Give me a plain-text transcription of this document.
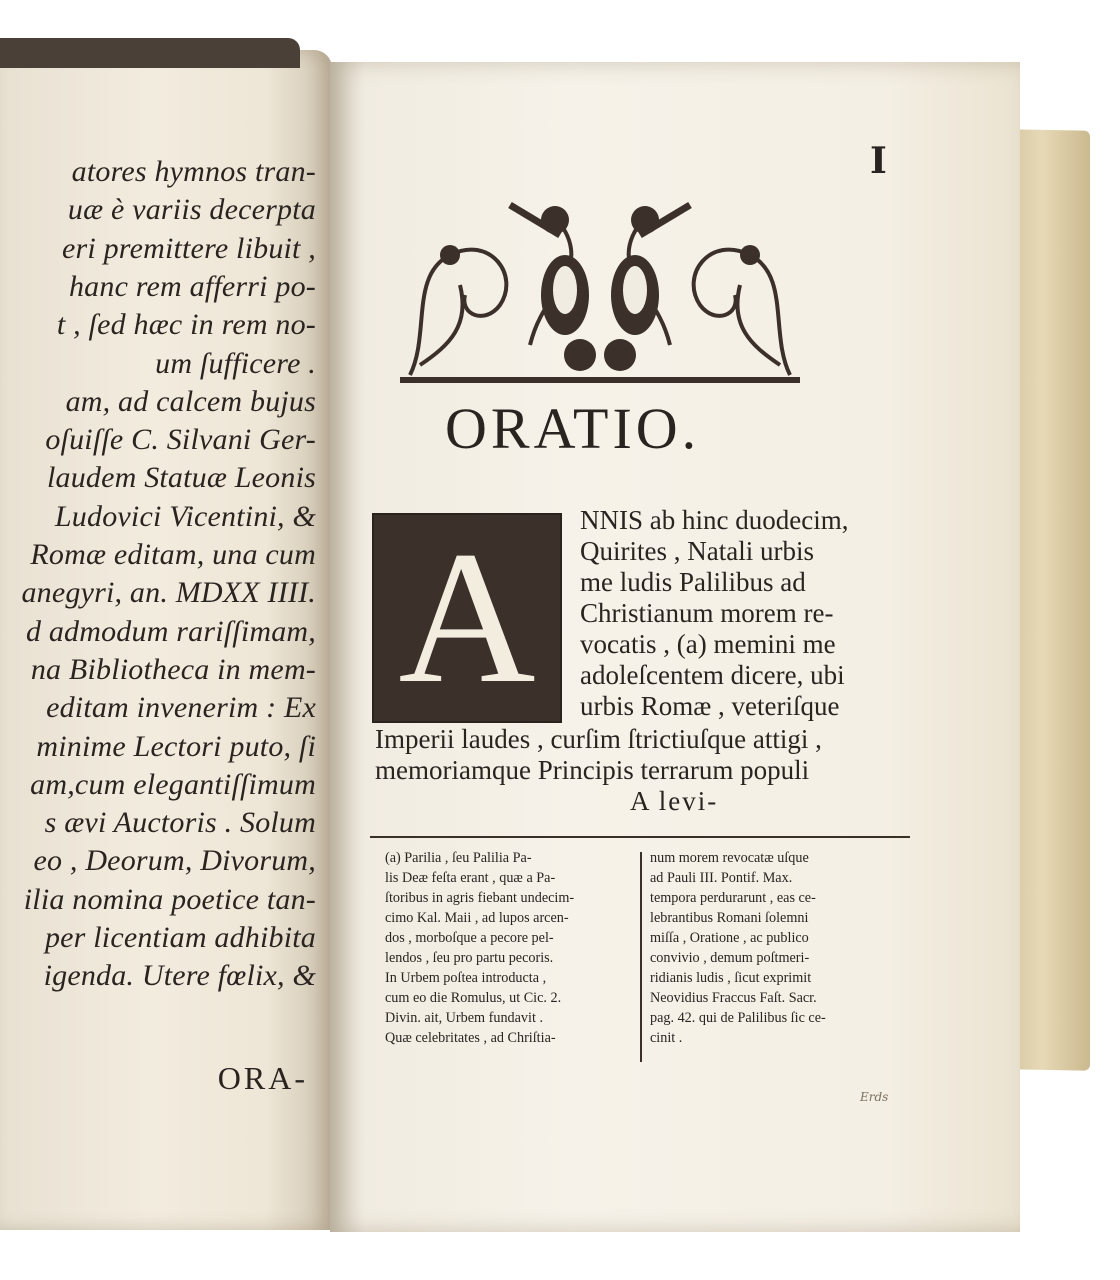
atores hymnos tran-
uæ è variis decerpta
eri premittere libuit ,
hanc rem afferri po-
t , ſed hæc in rem no-
um ſufficere .
am, ad calcem bujus
oſuiſſe C. Silvani Ger-
laudem Statuæ Leonis
Ludovici Vicentini, &
Romæ editam, una cum
anegyri, an. MDXX IIII.
d admodum rariſſimam,
na Bibliotheca in mem-
editam invenerim : Ex
minime Lectori puto, ſi
am,cum elegantiſſimum
s ævi Auctoris . Solum
eo , Deorum, Divorum,
ilia nomina poetice tan-
per licentiam adhibita
igenda. Utere fœlix, &
ORA-
I
ORATIO.
A	NNIS ab hinc duodecim,
Quirites , Natali urbis
me ludis Palilibus ad
Christianum morem re-
vocatis , (a) memini me
adoleſcentem dicere, ubi
urbis Romæ , veteriſque
Imperii laudes , curſim ſtrictiuſque attigi ,
memoriamque Principis terrarum populi
A levi-
(a) Parilia , ſeu Palilia Pa-
lis Deæ feſta erant , quæ a Pa-
ſtoribus in agris fiebant undecim-
cimo Kal. Maii , ad lupos arcen-
dos , morboſque a pecore pel-
lendos , ſeu pro partu pecoris.
In Urbem poſtea introducta ,
cum eo die Romulus, ut Cic. 2.
Divin. ait, Urbem fundavit .
Quæ celebritates , ad Chriſtia-
num morem revocatæ uſque
ad Pauli III. Pontif. Max.
tempora perdurarunt , eas ce-
lebrantibus Romani ſolemni
miſſa , Oratione , ac publico
convivio , demum poſtmeri-
ridianis ludis , ſicut exprimit
Neovidius Fraccus Faſt. Sacr.
pag. 42. qui de Palilibus ſic ce-
cinit .
Erds
